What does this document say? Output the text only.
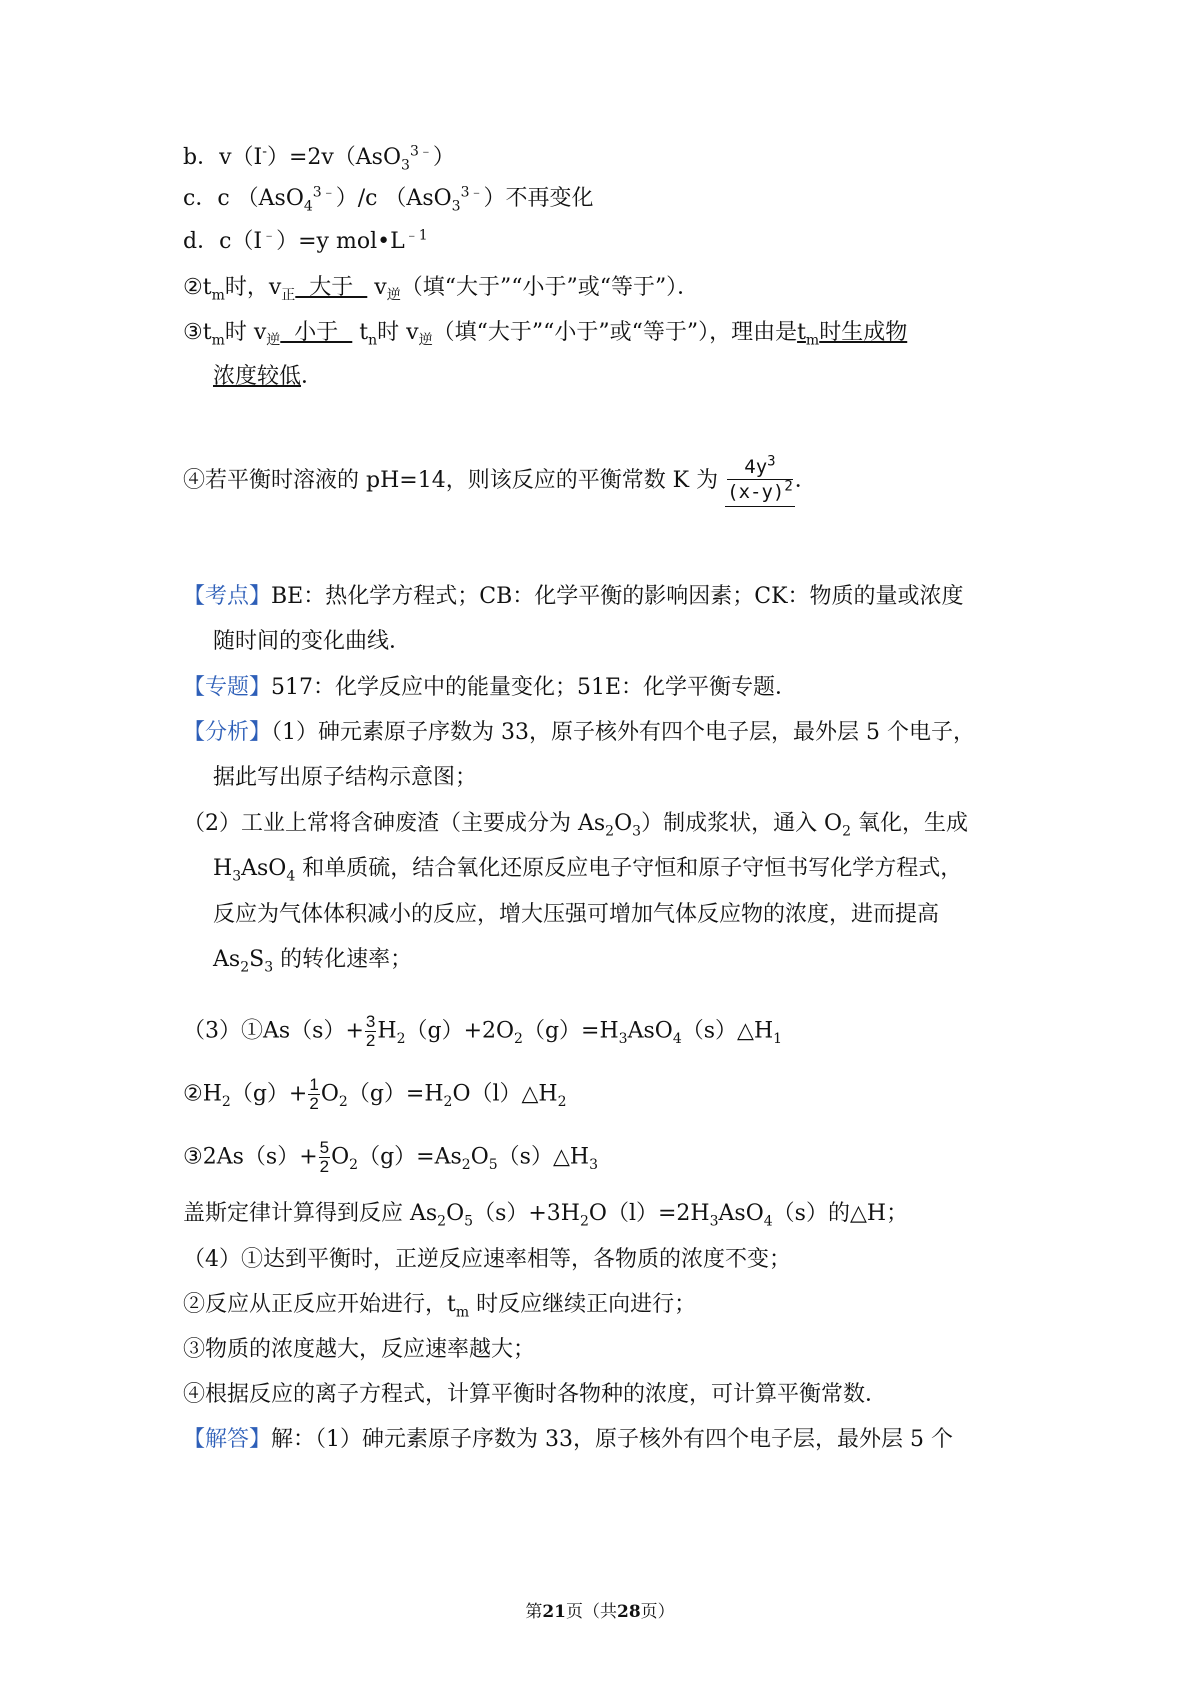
b．v（I-）=2v（AsO$_3^{3﹣}$）
c．c （AsO$_4^{3﹣}$）/c （AsO$_3^{3﹣}$）不再变化
d．c（I﹣）=y $mol•L^{﹣1}$
$②t_m$时，$v_正$  大于   $v_逆$（填“大于”“小于”或“等于”）．
$③t_m$时 $v_逆$  小于   $t_n$时 $v_逆$（填“大于”“小于”或“等于”），理由是$t_m$时生成物
浓度较低．
④若平衡时溶液的 pH=14，则该反应的平衡常数 K 为 $\frac{4y^3}{(x-y)^2}$ ．
【考点】BE：热化学方程式；CB：化学平衡的影响因素；CK：物质的量或浓度
随时间的变化曲线．
【专题】517：化学反应中的能量变化；51E：化学平衡专题．
【分析】（1）砷元素原子序数为 33，原子核外有四个电子层，最外层 5 个电子，
据此写出原子结构示意图；
（2）工业上常将含砷废渣（主要成分为 $As_2O_3$）制成浆状，通入 $O_2$ 氧化，生成
$H_3AsO_4$ 和单质硫，结合氧化还原反应电子守恒和原子守恒书写化学方程式，
反应为气体体积减小的反应，增大压强可增加气体反应物的浓度，进而提高
$As_2S_3$ 的转化速率；
（3）①As（s）+ $\frac{3}{2}$ $H_2(g)+2O_2(g)=H_3AsO_4(s)\triangle H_1$
$②H_2(g)+ \frac{1}{2}$ $O_2(g)=H_2O(l)\triangle H_2$
③2As（s）+ $\frac{5}{2}$ $O_2(g)=As_2O_5(s)\triangle H_3$
盖斯定律计算得到反应 $As_2O_5(s)+3H_2O(l)=2H_3AsO_4(s)$的△H；
（4）①达到平衡时，正逆反应速率相等，各物质的浓度不变；
②反应从正反应开始进行，$t_m$ 时反应继续正向进行；
③物质的浓度越大，反应速率越大；
④根据反应的离子方程式，计算平衡时各物种的浓度，可计算平衡常数．
【解答】解：（1）砷元素原子序数为 33，原子核外有四个电子层，最外层 5 个
第21页（共28页）
